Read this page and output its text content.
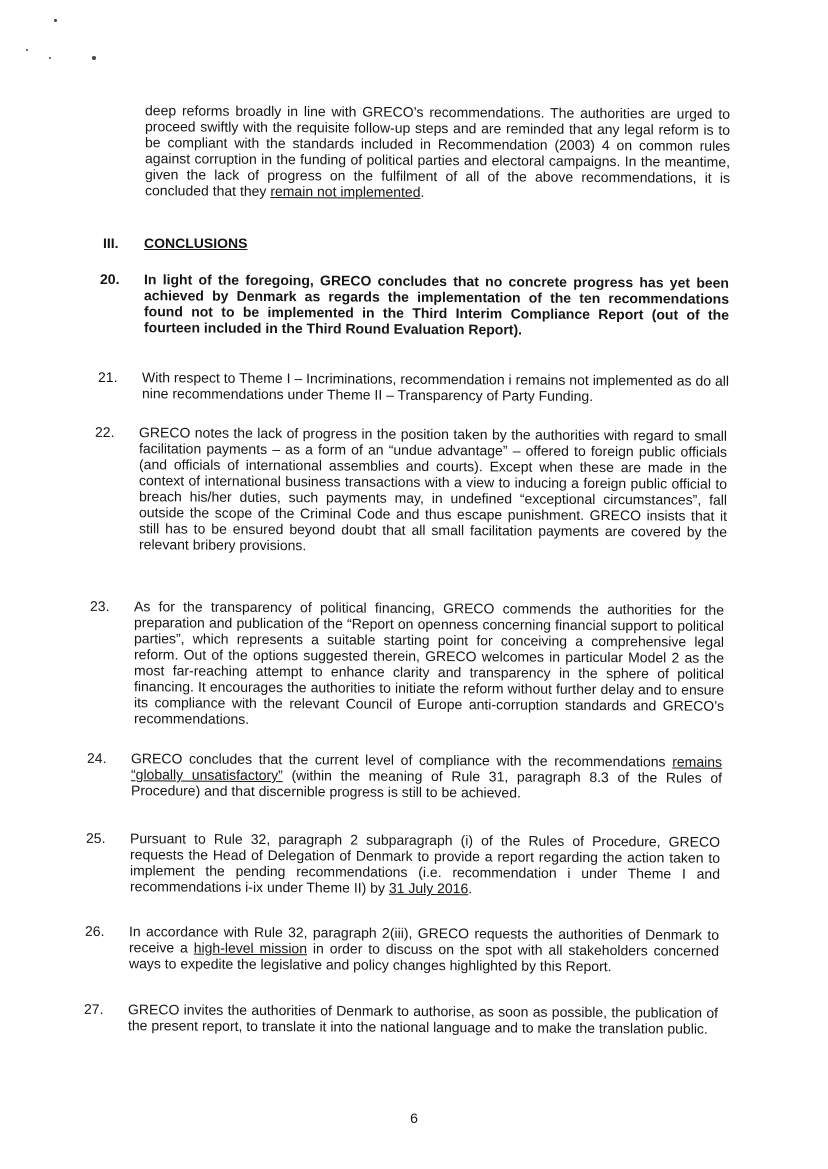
deep reforms broadly in line with GRECO’s recommendations. The authorities are urged to proceed swiftly with the requisite follow-up steps and are reminded that any legal reform is to be compliant with the standards included in Recommendation (2003) 4 on common rules against corruption in the funding of political parties and electoral campaigns. In the meantime, given the lack of progress on the fulfilment of all of the above recommendations, it is concluded that they remain not implemented.
III. CONCLUSIONS
20. In light of the foregoing, GRECO concludes that no concrete progress has yet been achieved by Denmark as regards the implementation of the ten recommendations found not to be implemented in the Third Interim Compliance Report (out of the fourteen included in the Third Round Evaluation Report).
21. With respect to Theme I – Incriminations, recommendation i remains not implemented as do all nine recommendations under Theme II – Transparency of Party Funding.
22. GRECO notes the lack of progress in the position taken by the authorities with regard to small facilitation payments – as a form of an “undue advantage” – offered to foreign public officials (and officials of international assemblies and courts). Except when these are made in the context of international business transactions with a view to inducing a foreign public official to breach his/her duties, such payments may, in undefined “exceptional circumstances”, fall outside the scope of the Criminal Code and thus escape punishment. GRECO insists that it still has to be ensured beyond doubt that all small facilitation payments are covered by the relevant bribery provisions.
23. As for the transparency of political financing, GRECO commends the authorities for the preparation and publication of the “Report on openness concerning financial support to political parties”, which represents a suitable starting point for conceiving a comprehensive legal reform. Out of the options suggested therein, GRECO welcomes in particular Model 2 as the most far-reaching attempt to enhance clarity and transparency in the sphere of political financing. It encourages the authorities to initiate the reform without further delay and to ensure its compliance with the relevant Council of Europe anti-corruption standards and GRECO’s recommendations.
24. GRECO concludes that the current level of compliance with the recommendations remains “globally unsatisfactory” (within the meaning of Rule 31, paragraph 8.3 of the Rules of Procedure) and that discernible progress is still to be achieved.
25. Pursuant to Rule 32, paragraph 2 subparagraph (i) of the Rules of Procedure, GRECO requests the Head of Delegation of Denmark to provide a report regarding the action taken to implement the pending recommendations (i.e. recommendation i under Theme I and recommendations i-ix under Theme II) by 31 July 2016.
26. In accordance with Rule 32, paragraph 2(iii), GRECO requests the authorities of Denmark to receive a high-level mission in order to discuss on the spot with all stakeholders concerned ways to expedite the legislative and policy changes highlighted by this Report.
27. GRECO invites the authorities of Denmark to authorise, as soon as possible, the publication of the present report, to translate it into the national language and to make the translation public.
6
